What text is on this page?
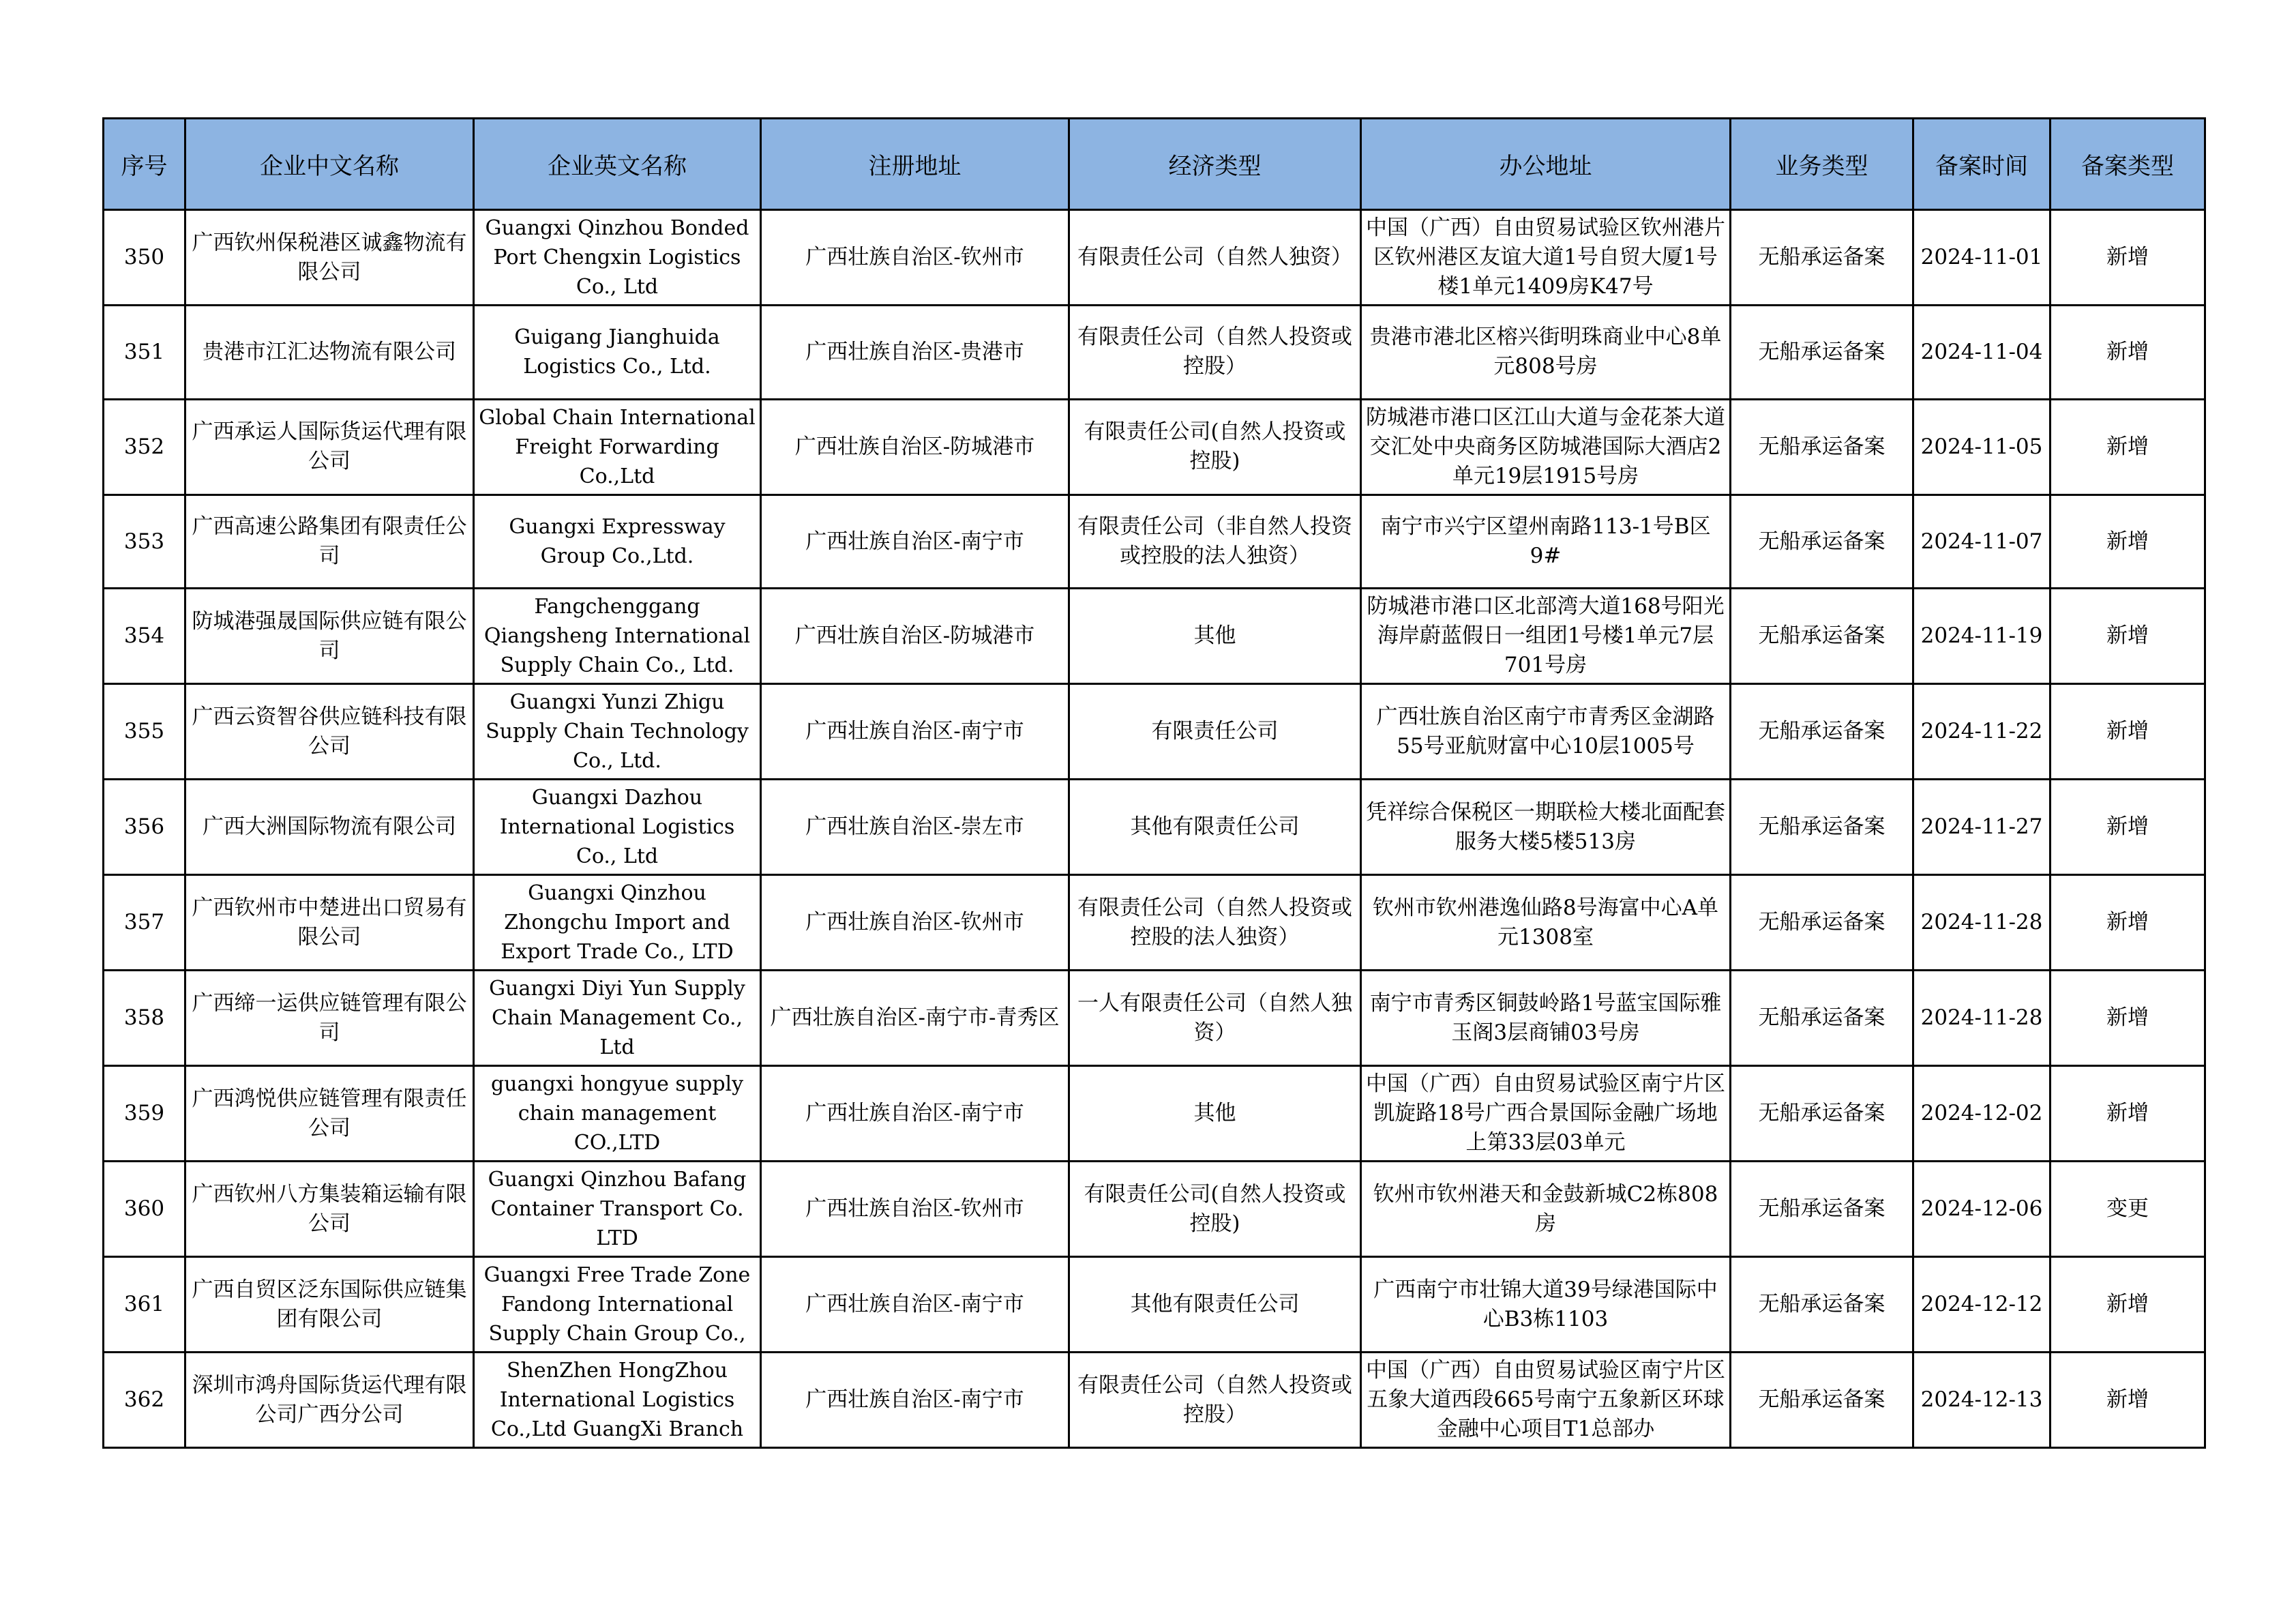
序号	企业中文名称	企业英文名称	注册地址	经济类型	办公地址	业务类型	备案时间	备案类型
350	广西钦州保税港区诚鑫物流有限公司	Guangxi Qinzhou Bonded Port Chengxin Logistics Co., Ltd	广西壮族自治区-钦州市	有限责任公司（自然人独资）	中国（广西）自由贸易试验区钦州港片区钦州港区友谊大道1号自贸大厦1号楼1单元1409房K47号	无船承运备案	2024-11-01	新增
351	贵港市江汇达物流有限公司	Guigang Jianghuida Logistics Co., Ltd.	广西壮族自治区-贵港市	有限责任公司（自然人投资或控股）	贵港市港北区榕兴街明珠商业中心8单元808号房	无船承运备案	2024-11-04	新增
352	广西承运人国际货运代理有限公司	Global Chain International Freight Forwarding Co.,Ltd	广西壮族自治区-防城港市	有限责任公司(自然人投资或控股)	防城港市港口区江山大道与金花茶大道交汇处中央商务区防城港国际大酒店2单元19层1915号房	无船承运备案	2024-11-05	新增
353	广西高速公路集团有限责任公司	Guangxi Expressway Group Co.,Ltd.	广西壮族自治区-南宁市	有限责任公司（非自然人投资或控股的法人独资）	南宁市兴宁区望州南路113-1号B区9#	无船承运备案	2024-11-07	新增
354	防城港强晟国际供应链有限公司	Fangchenggang Qiangsheng International Supply Chain Co., Ltd.	广西壮族自治区-防城港市	其他	防城港市港口区北部湾大道168号阳光海岸蔚蓝假日一组团1号楼1单元7层701号房	无船承运备案	2024-11-19	新增
355	广西云资智谷供应链科技有限公司	Guangxi Yunzi Zhigu Supply Chain Technology Co., Ltd.	广西壮族自治区-南宁市	有限责任公司	广西壮族自治区南宁市青秀区金湖路55号亚航财富中心10层1005号	无船承运备案	2024-11-22	新增
356	广西大洲国际物流有限公司	Guangxi Dazhou International Logistics Co., Ltd	广西壮族自治区-崇左市	其他有限责任公司	凭祥综合保税区一期联检大楼北面配套服务大楼5楼513房	无船承运备案	2024-11-27	新增
357	广西钦州市中楚进出口贸易有限公司	Guangxi Qinzhou Zhongchu Import and Export Trade Co., LTD	广西壮族自治区-钦州市	有限责任公司（自然人投资或控股的法人独资）	钦州市钦州港逸仙路8号海富中心A单元1308室	无船承运备案	2024-11-28	新增
358	广西缔一运供应链管理有限公司	Guangxi Diyi Yun Supply Chain Management Co., Ltd	广西壮族自治区-南宁市-青秀区	一人有限责任公司（自然人独资）	南宁市青秀区铜鼓岭路1号蓝宝国际雅玉阁3层商铺03号房	无船承运备案	2024-11-28	新增
359	广西鸿悦供应链管理有限责任公司	guangxi hongyue supply chain management CO.,LTD	广西壮族自治区-南宁市	其他	中国（广西）自由贸易试验区南宁片区凯旋路18号广西合景国际金融广场地上第33层03单元	无船承运备案	2024-12-02	新增
360	广西钦州八方集装箱运输有限公司	Guangxi Qinzhou Bafang Container Transport Co. LTD	广西壮族自治区-钦州市	有限责任公司(自然人投资或控股)	钦州市钦州港天和金鼓新城C2栋808房	无船承运备案	2024-12-06	变更
361	广西自贸区泛东国际供应链集团有限公司	Guangxi Free Trade Zone Fandong International Supply Chain Group Co.,	广西壮族自治区-南宁市	其他有限责任公司	广西南宁市壮锦大道39号绿港国际中心B3栋1103	无船承运备案	2024-12-12	新增
362	深圳市鸿舟国际货运代理有限公司广西分公司	ShenZhen HongZhou International Logistics Co.,Ltd GuangXi Branch	广西壮族自治区-南宁市	有限责任公司（自然人投资或控股）	中国（广西）自由贸易试验区南宁片区五象大道西段665号南宁五象新区环球金融中心项目T1总部办	无船承运备案	2024-12-13	新增
